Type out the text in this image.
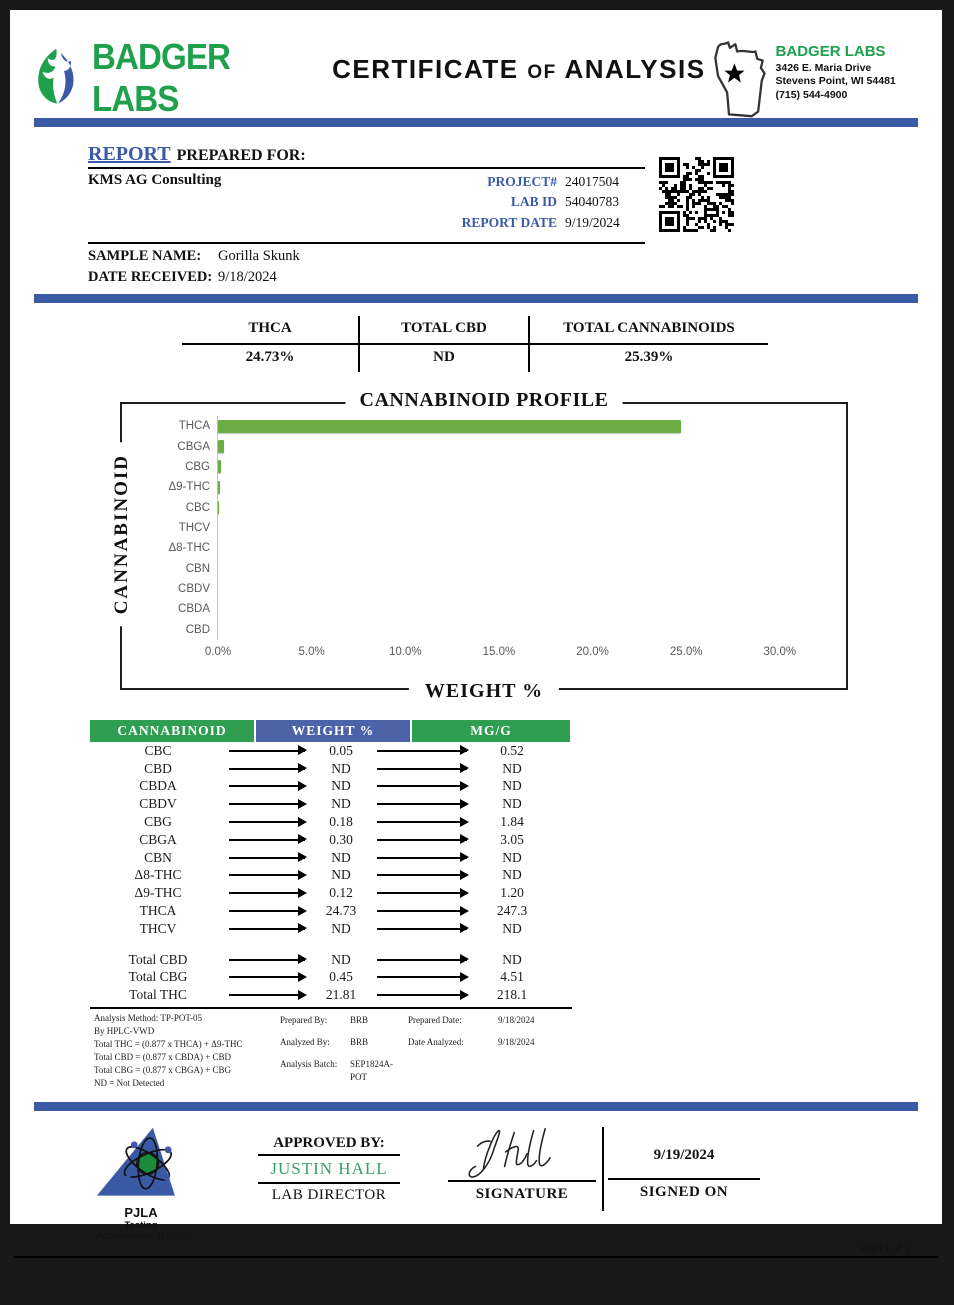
BADGER LABS
CERTIFICATE OF ANALYSIS
BADGER LABS
3426 E. Maria Drive
Stevens Point, WI 54481
(715) 544-4900
REPORT PREPARED FOR:
KMS AG Consulting	PROJECT# 24017504
LAB ID 54040783
REPORT DATE 9/19/2024
SAMPLE NAME:	Gorilla Skunk
DATE RECEIVED: 9/18/2024
THCA	TOTAL CBD	TOTAL CANNABINOIDS
24.73%	ND	25.39%
CANNABINOID PROFILE
CANNABINOID
THCA
CBGA
CBG
Δ9-THC
CBC
THCV
Δ8-THC
CBN
CBDV
CBDA
CBD
0.0%	5.0%	10.0%	15.0%	20.0%	25.0%	30.0%
WEIGHT %
CANNABINOID	WEIGHT %	MG/G
CBC	0.05	0.52
CBD	ND	ND
CBDA	ND	ND
CBDV	ND	ND
CBG	0.18	1.84
CBGA	0.30	3.05
CBN	ND	ND
Δ8-THC	ND	ND
Δ9-THC	0.12	1.20
THCA	24.73	247.3
THCV	ND	ND
Total CBD	ND	ND
Total CBG	0.45	4.51
Total THC	21.81	218.1
Analysis Method: TP-POT-05
By HPLC-VWD
Total THC = (0.877 x THCA) + Δ9-THC
Total CBD = (0.877 x CBDA) + CBD
Total CBG = (0.877 x CBGA) + CBG
ND = Not Detected
Prepared By:	BRB	Prepared Date:	9/18/2024
Analyzed By:	BRB	Date Analyzed:	9/18/2024
Analysis Batch:	SEP1824A-POT
PJLA
Testing
Accreditation# 115522
APPROVED BY:
JUSTIN HALL
LAB DIRECTOR	SIGNATURE
9/19/2024
SIGNED ON
Page 1 of 1
This is a Badger Labs Certificate of Analysis and may not be reproduced without written approval from Badger Labs. Badger Labs maintains strict confidentiality of all client data. Any information regarding an analysis is shared only with the the individuals designated on the Laboratory Chain of Custody (COC) as contacts unless authorization is received. Limits of Quantification (LOQ) are available upon request. This report complies to the requirements of the ISO/IEC 17025:2017 standard. Review the results, expanded uncertainty and specifications to ensure they meet your requirements. Uncertainty values are available upon request.
